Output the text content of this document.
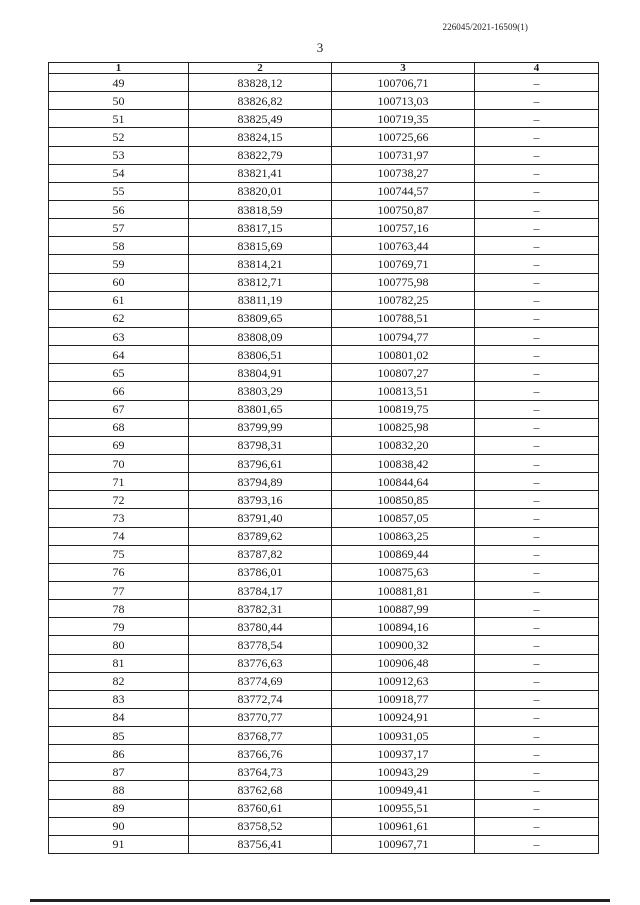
226045/2021-16509(1)
3
1	2	3	4
49	83828,12	100706,71	–
50	83826,82	100713,03	–
51	83825,49	100719,35	–
52	83824,15	100725,66	–
53	83822,79	100731,97	–
54	83821,41	100738,27	–
55	83820,01	100744,57	–
56	83818,59	100750,87	–
57	83817,15	100757,16	–
58	83815,69	100763,44	–
59	83814,21	100769,71	–
60	83812,71	100775,98	–
61	83811,19	100782,25	–
62	83809,65	100788,51	–
63	83808,09	100794,77	–
64	83806,51	100801,02	–
65	83804,91	100807,27	–
66	83803,29	100813,51	–
67	83801,65	100819,75	–
68	83799,99	100825,98	–
69	83798,31	100832,20	–
70	83796,61	100838,42	–
71	83794,89	100844,64	–
72	83793,16	100850,85	–
73	83791,40	100857,05	–
74	83789,62	100863,25	–
75	83787,82	100869,44	–
76	83786,01	100875,63	–
77	83784,17	100881,81	–
78	83782,31	100887,99	–
79	83780,44	100894,16	–
80	83778,54	100900,32	–
81	83776,63	100906,48	–
82	83774,69	100912,63	–
83	83772,74	100918,77	–
84	83770,77	100924,91	–
85	83768,77	100931,05	–
86	83766,76	100937,17	–
87	83764,73	100943,29	–
88	83762,68	100949,41	–
89	83760,61	100955,51	–
90	83758,52	100961,61	–
91	83756,41	100967,71	–
